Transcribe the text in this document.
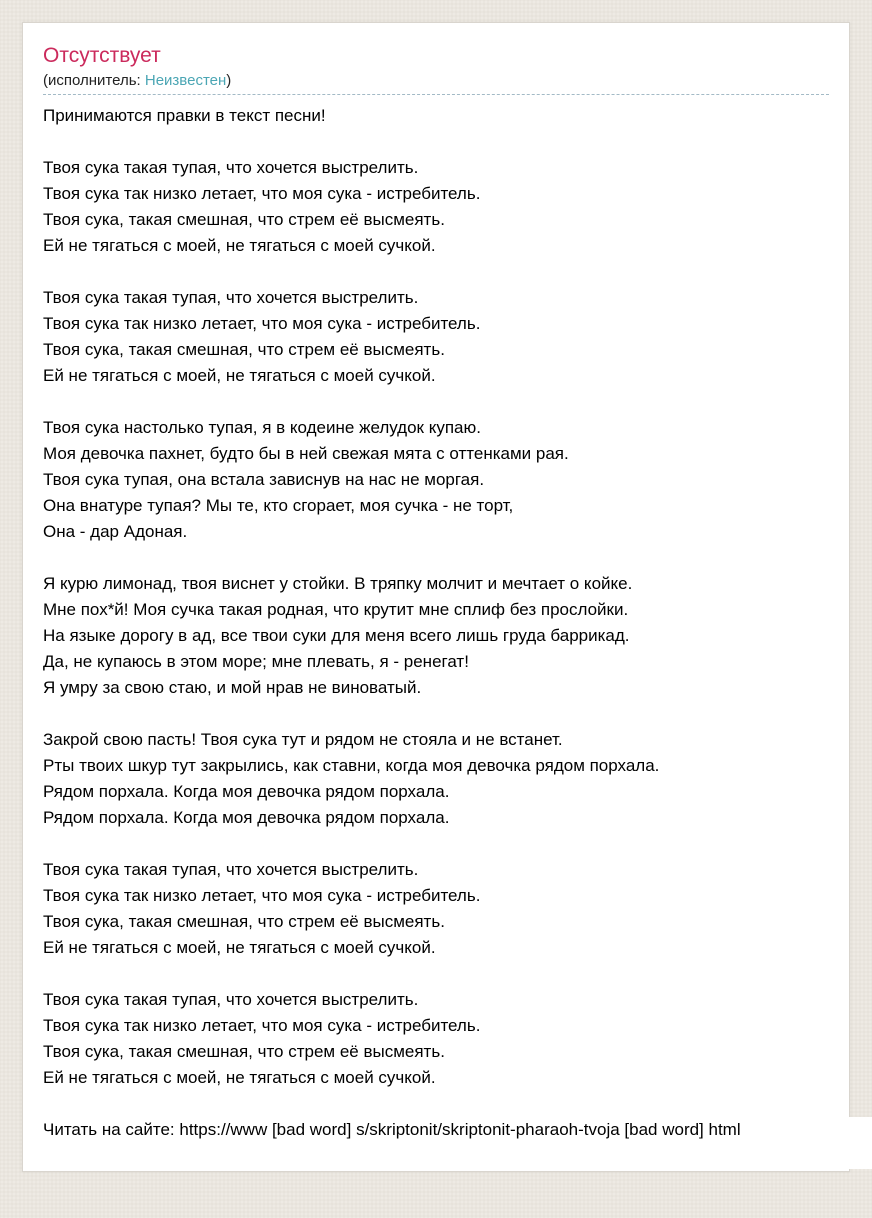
Отсутствует
(исполнитель: Неизвестен)
Принимаются правки в текст песни!
Твоя сука такая тупая, что хочется выстрелить.
Твоя сука так низко летает, что моя сука - истребитель.
Твоя сука, такая смешная, что стрем её высмеять.
Ей не тягаться с моей, не тягаться с моей сучкой.
Твоя сука такая тупая, что хочется выстрелить.
Твоя сука так низко летает, что моя сука - истребитель.
Твоя сука, такая смешная, что стрем её высмеять.
Ей не тягаться с моей, не тягаться с моей сучкой.
Твоя сука настолько тупая, я в кодеине желудок купаю.
Моя девочка пахнет, будто бы в ней свежая мята с оттенками рая.
Твоя сука тупая, она встала зависнув на нас не моргая.
Она внатуре тупая? Мы те, кто сгорает, моя сучка - не торт,
Она - дар Адоная.
Я курю лимонад, твоя виснет у стойки. В тряпку молчит и мечтает о койке.
Мне пох*й! Моя сучка такая родная, что крутит мне сплиф без прослойки.
На языке дорогу в ад, все твои суки для меня всего лишь груда баррикад.
Да, не купаюсь в этом море; мне плевать, я - ренегат!
Я умру за свою стаю, и мой нрав не виноватый.
Закрой свою пасть! Твоя сука тут и рядом не стояла и не встанет.
Рты твоих шкур тут закрылись, как ставни, когда моя девочка рядом порхала.
Рядом порхала. Когда моя девочка рядом порхала.
Рядом порхала. Когда моя девочка рядом порхала.
Твоя сука такая тупая, что хочется выстрелить.
Твоя сука так низко летает, что моя сука - истребитель.
Твоя сука, такая смешная, что стрем её высмеять.
Ей не тягаться с моей, не тягаться с моей сучкой.
Твоя сука такая тупая, что хочется выстрелить.
Твоя сука так низко летает, что моя сука - истребитель.
Твоя сука, такая смешная, что стрем её высмеять.
Ей не тягаться с моей, не тягаться с моей сучкой.
Читать на сайте: https://www [bad word] s/skriptonit/skriptonit-pharaoh-tvoja [bad word] html
